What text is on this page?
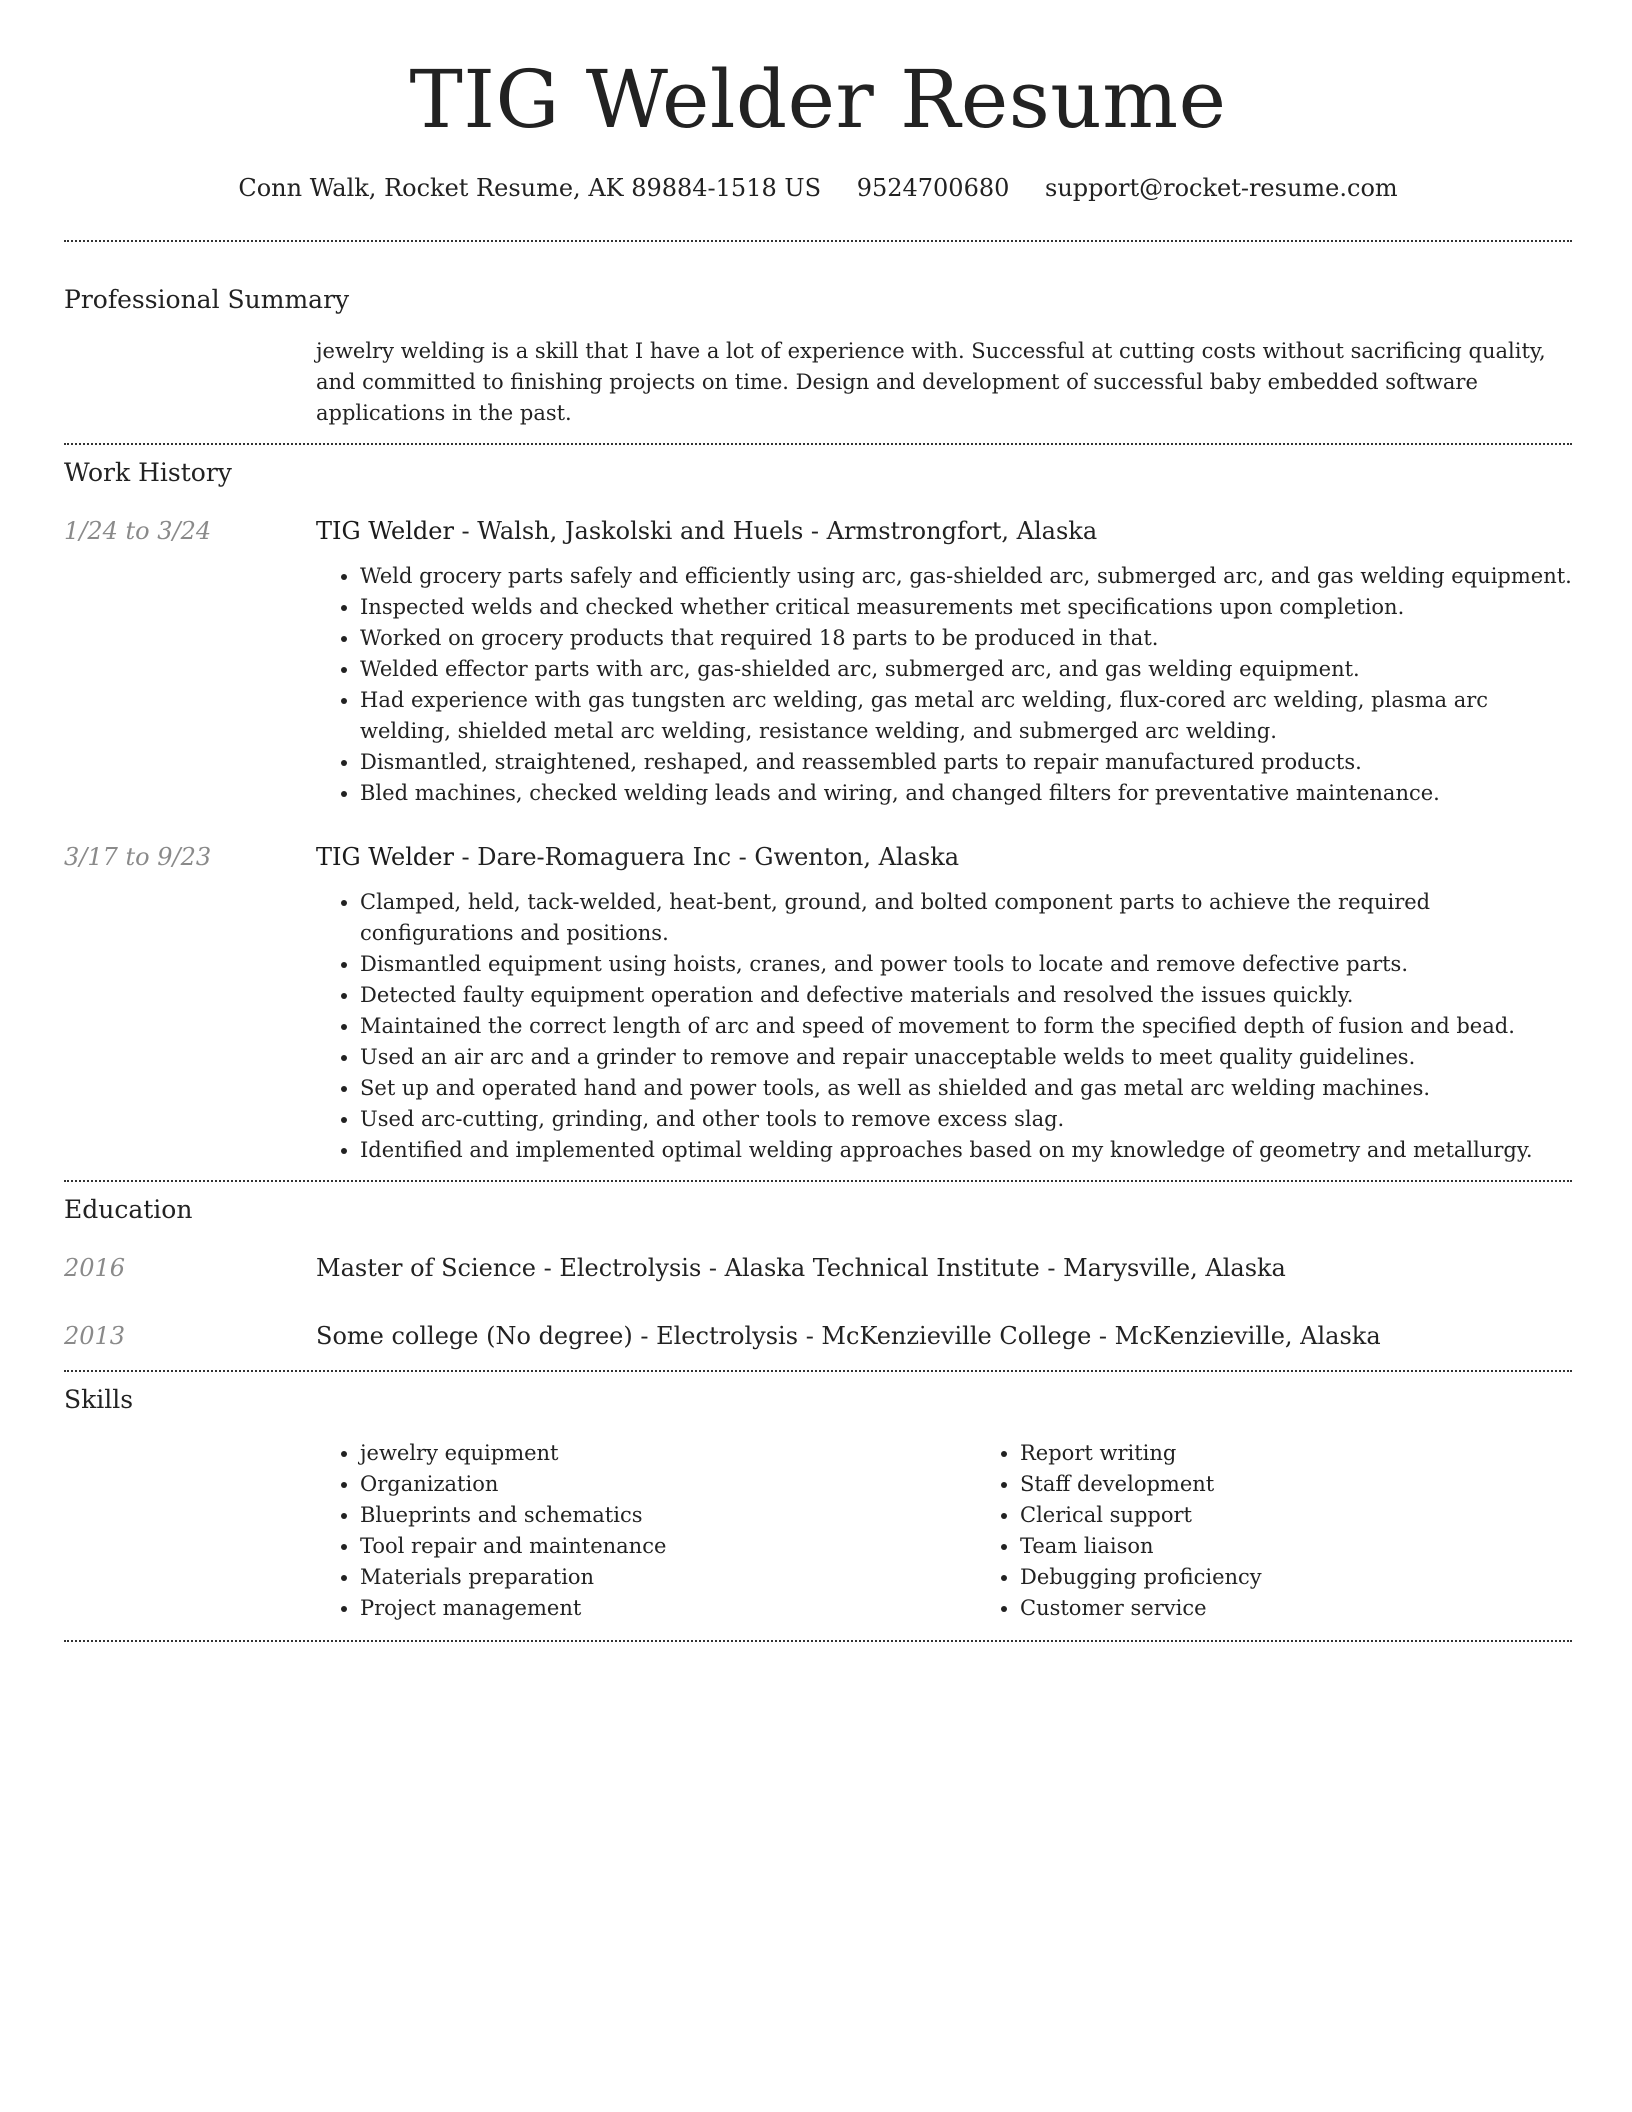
TIG Welder Resume
Conn Walk, Rocket Resume, AK 89884-1518 US 9524700680 support@rocket-resume.com
Professional Summary

jewelry welding is a skill that I have a lot of experience with. Successful at cutting costs without sacrificing quality, and committed to finishing projects on time. Design and development of successful baby embedded software applications in the past.

Work History
1/24 to 3/24	TIG Welder - Walsh, Jaskolski and Huels - Armstrongfort, Alaska
• Weld grocery parts safely and efficiently using arc, gas-shielded arc, submerged arc, and gas welding equipment.
• Inspected welds and checked whether critical measurements met specifications upon completion.
• Worked on grocery products that required 18 parts to be produced in that.
• Welded effector parts with arc, gas-shielded arc, submerged arc, and gas welding equipment.
• Had experience with gas tungsten arc welding, gas metal arc welding, flux-cored arc welding, plasma arc welding, shielded metal arc welding, resistance welding, and submerged arc welding.
• Dismantled, straightened, reshaped, and reassembled parts to repair manufactured products.
• Bled machines, checked welding leads and wiring, and changed filters for preventative maintenance.
3/17 to 9/23	TIG Welder - Dare-Romaguera Inc - Gwenton, Alaska
• Clamped, held, tack-welded, heat-bent, ground, and bolted component parts to achieve the required configurations and positions.
• Dismantled equipment using hoists, cranes, and power tools to locate and remove defective parts.
• Detected faulty equipment operation and defective materials and resolved the issues quickly.
• Maintained the correct length of arc and speed of movement to form the specified depth of fusion and bead.
• Used an air arc and a grinder to remove and repair unacceptable welds to meet quality guidelines.
• Set up and operated hand and power tools, as well as shielded and gas metal arc welding machines.
• Used arc-cutting, grinding, and other tools to remove excess slag.
• Identified and implemented optimal welding approaches based on my knowledge of geometry and metallurgy.
Education
2016	Master of Science - Electrolysis - Alaska Technical Institute - Marysville, Alaska
2013	Some college (No degree) - Electrolysis - McKenzieville College - McKenzieville, Alaska
Skills
• jewelry equipment
• Organization
• Blueprints and schematics
• Tool repair and maintenance
• Materials preparation
• Project management
• Report writing
• Staff development
• Clerical support
• Team liaison
• Debugging proficiency
• Customer service
